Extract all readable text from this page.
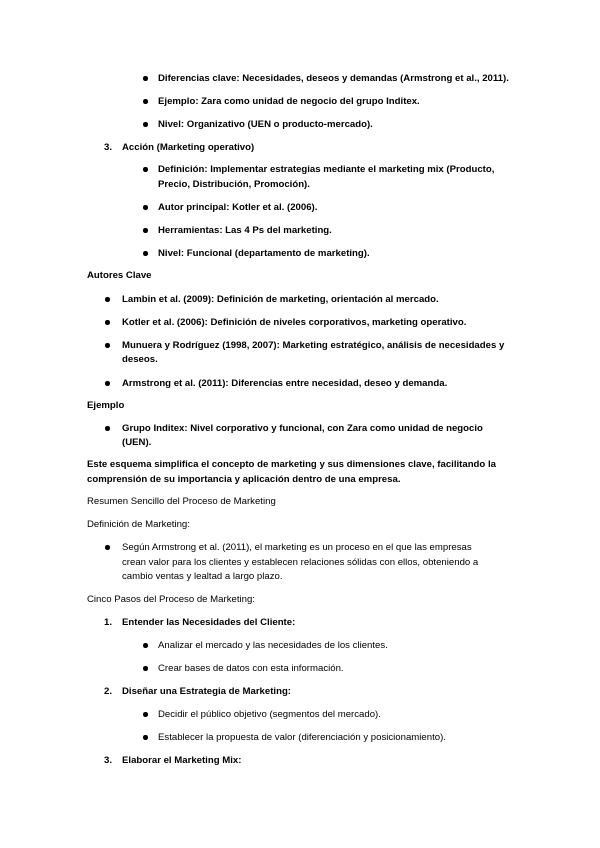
Diferencias clave: Necesidades, deseos y demandas (Armstrong et al., 2011).
Ejemplo: Zara como unidad de negocio del grupo Inditex.
Nivel: Organizativo (UEN o producto-mercado).
3. Acción (Marketing operativo)
Definición: Implementar estrategias mediante el marketing mix (Producto,
Precio, Distribución, Promoción).
Autor principal: Kotler et al. (2006).
Herramientas: Las 4 Ps del marketing.
Nivel: Funcional (departamento de marketing).
Autores Clave
Lambin et al. (2009): Definición de marketing, orientación al mercado.
Kotler et al. (2006): Definición de niveles corporativos, marketing operativo.
Munuera y Rodríguez (1998, 2007): Marketing estratégico, análisis de necesidades y
deseos.
Armstrong et al. (2011): Diferencias entre necesidad, deseo y demanda.
Ejemplo
Grupo Inditex: Nivel corporativo y funcional, con Zara como unidad de negocio
(UEN).
Este esquema simplifica el concepto de marketing y sus dimensiones clave, facilitando la
comprensión de su importancia y aplicación dentro de una empresa.
Resumen Sencillo del Proceso de Marketing
Definición de Marketing:
Según Armstrong et al. (2011), el marketing es un proceso en el que las empresas
crean valor para los clientes y establecen relaciones sólidas con ellos, obteniendo a
cambio ventas y lealtad a largo plazo.
Cinco Pasos del Proceso de Marketing:
1. Entender las Necesidades del Cliente:
Analizar el mercado y las necesidades de los clientes.
Crear bases de datos con esta información.
2. Diseñar una Estrategia de Marketing:
Decidir el público objetivo (segmentos del mercado).
Establecer la propuesta de valor (diferenciación y posicionamiento).
3. Elaborar el Marketing Mix:
